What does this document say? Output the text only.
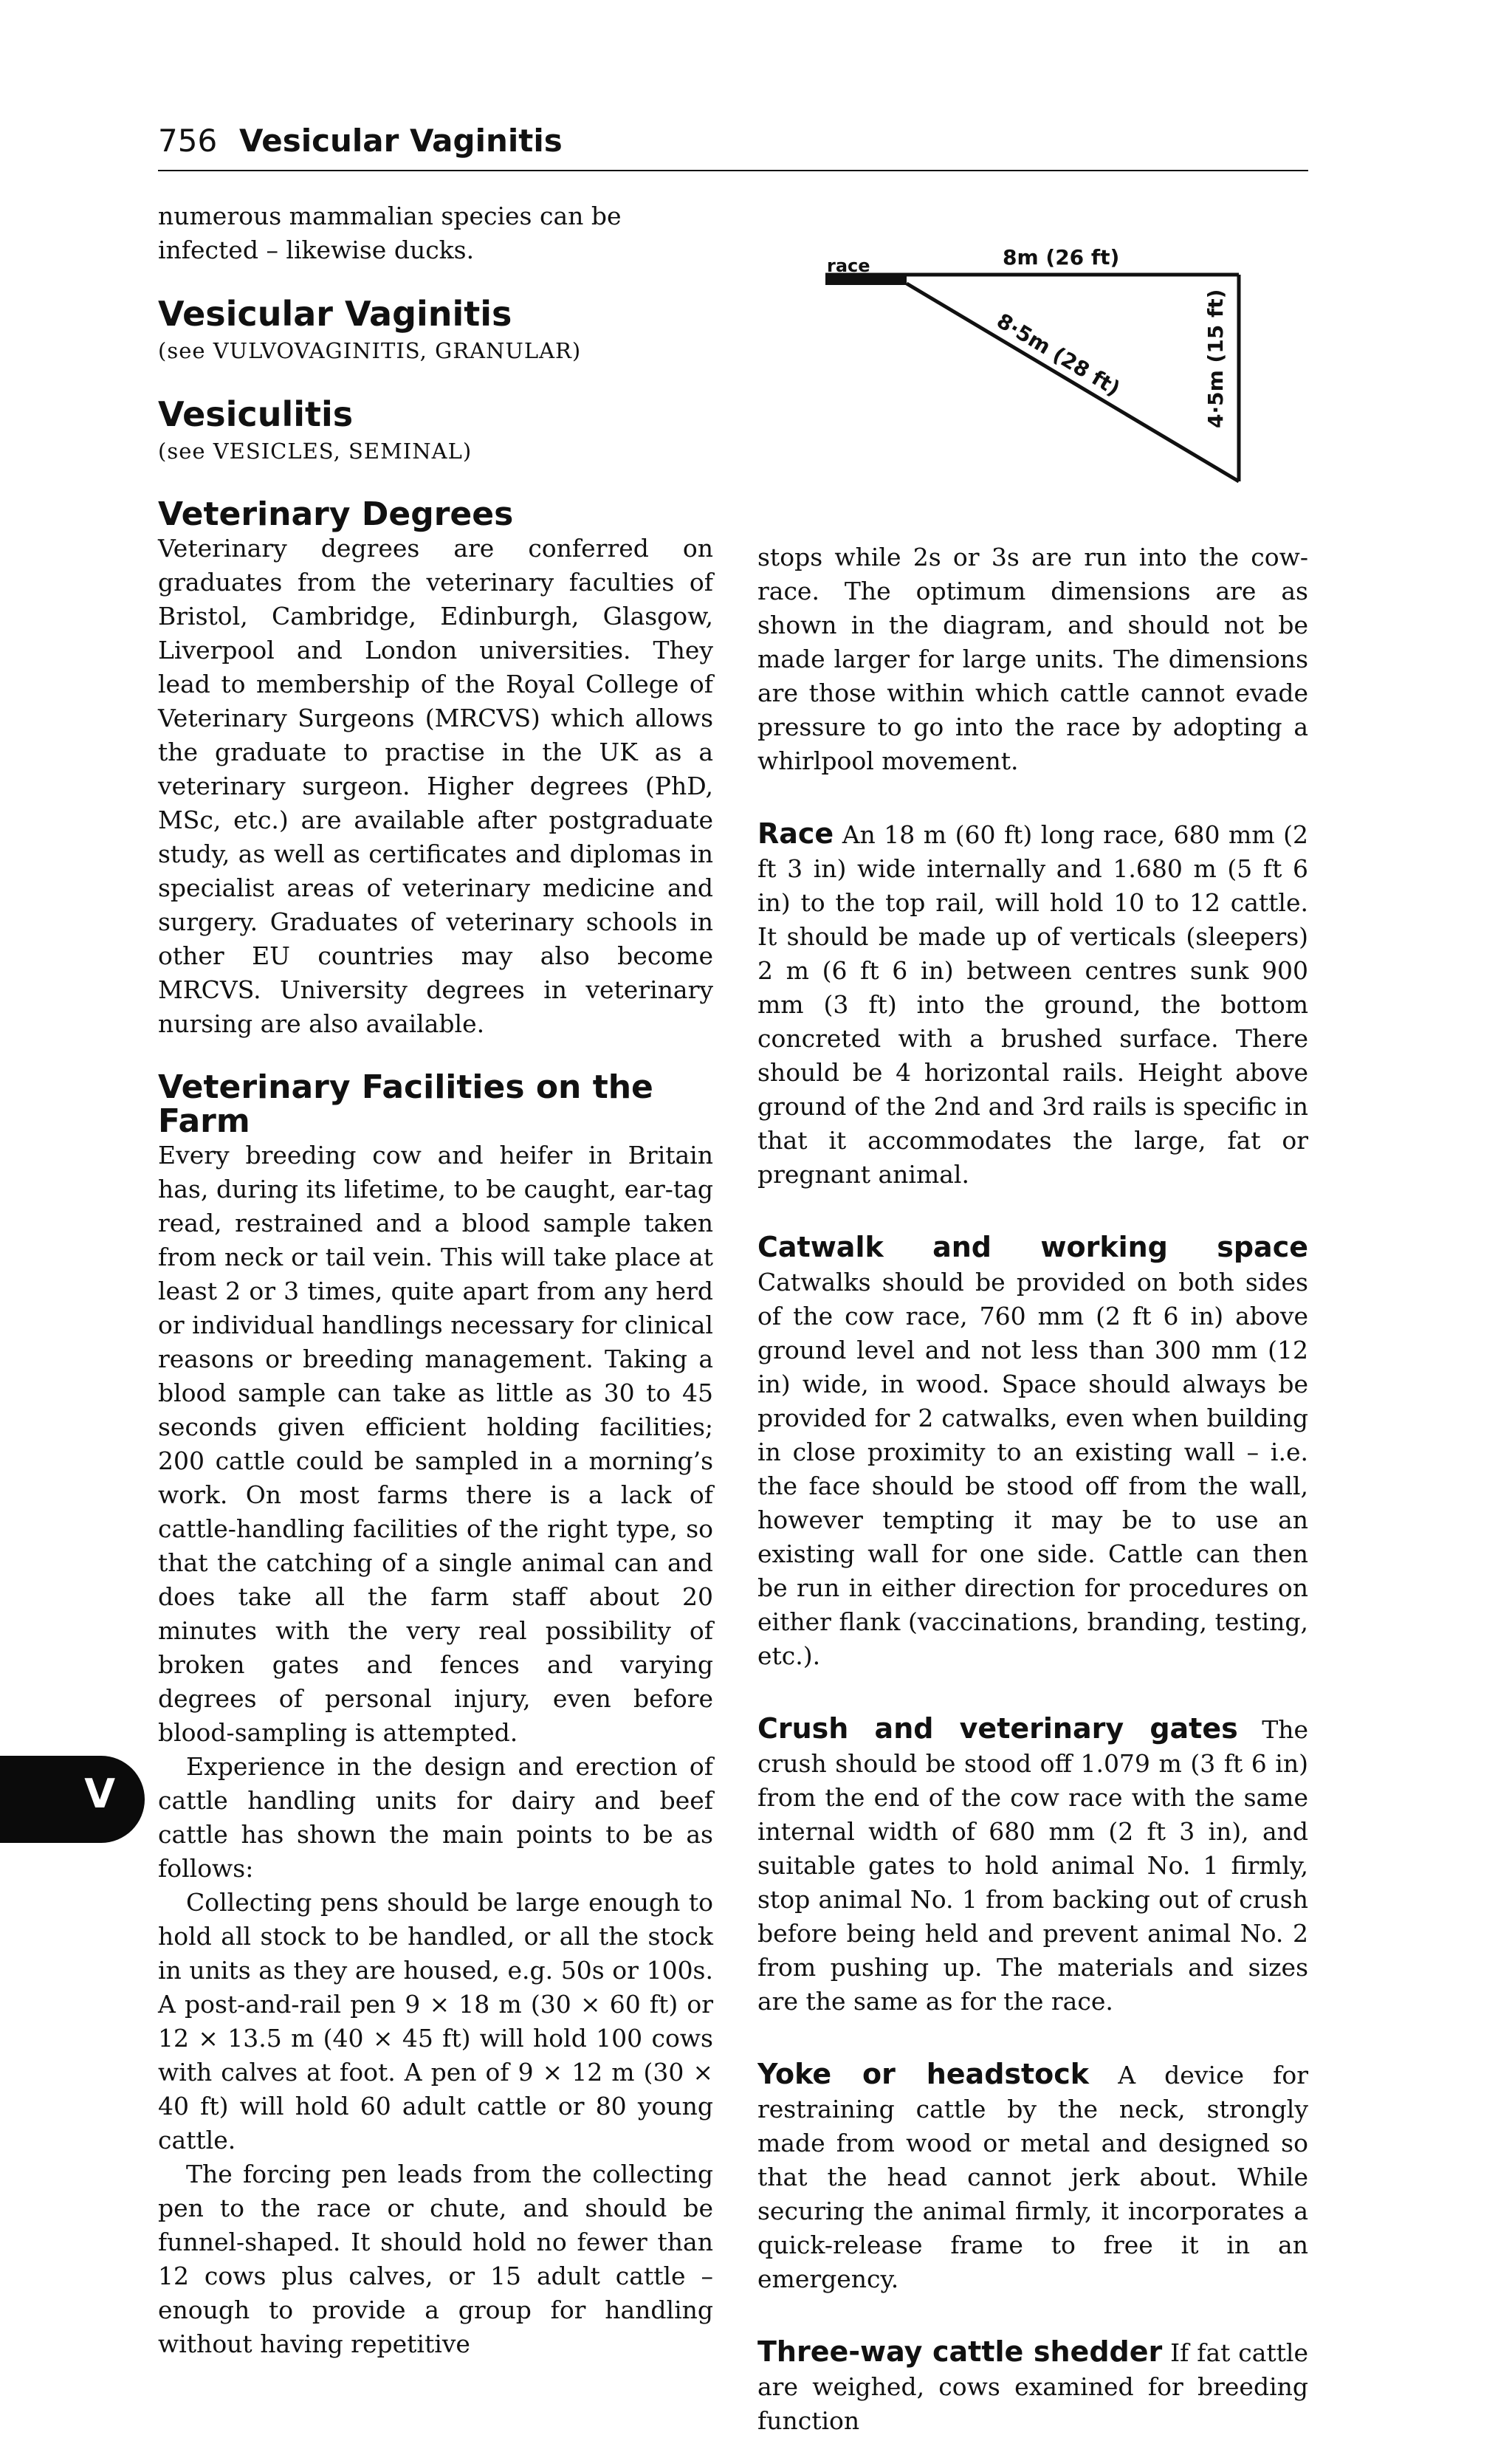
756 Vesicular Vaginitis

numerous mammalian species can be infected – likewise ducks.

Vesicular Vaginitis
(see VULVOVAGINITIS, GRANULAR)
Vesiculitis
(see VESICLES, SEMINAL)
Veterinary Degrees

Veterinary degrees are conferred on graduates from the veterinary faculties of Bristol, Cambridge, Edinburgh, Glasgow, Liverpool and London universities. They lead to membership of the Royal College of Veterinary Surgeons (MRCVS) which allows the graduate to practise in the UK as a veterinary surgeon. Higher degrees (PhD, MSc, etc.) are available after postgraduate study, as well as certificates and diplomas in specialist areas of veterinary medicine and surgery. Graduates of veterinary schools in other EU countries may also become MRCVS. University degrees in veterinary nursing are also available.

Veterinary Facilities on the Farm

Every breeding cow and heifer in Britain has, during its lifetime, to be caught, ear-tag read, restrained and a blood sample taken from neck or tail vein. This will take place at least 2 or 3 times, quite apart from any herd or individual handlings necessary for clinical reasons or breeding management. Taking a blood sample can take as little as 30 to 45 seconds given efficient holding facilities; 200 cattle could be sampled in a morning’s work. On most farms there is a lack of cattle-handling facilities of the right type, so that the catching of a single animal can and does take all the farm staff about 20 minutes with the very real possibility of broken gates and fences and varying degrees of personal injury, even before blood-sampling is attempted.

Experience in the design and erection of cattle handling units for dairy and beef cattle has shown the main points to be as follows:

Collecting pens should be large enough to hold all stock to be handled, or all the stock in units as they are housed, e.g. 50s or 100s. A post-and-rail pen 9 × 18 m (30 × 60 ft) or 12 × 13.5 m (40 × 45 ft) will hold 100 cows with calves at foot. A pen of 9 × 12 m (30 × 40 ft) will hold 60 adult cattle or 80 young cattle.

The forcing pen leads from the collecting pen to the race or chute, and should be funnel-shaped. It should hold no fewer than 12 cows plus calves, or 15 adult cattle – enough to provide a group for handling without having repetitive

race	8m (26 ft)
8·5m (28 ft)	4·5m (15 ft)

stops while 2s or 3s are run into the cow-race. The optimum dimensions are as shown in the diagram, and should not be made larger for large units. The dimensions are those within which cattle cannot evade pressure to go into the race by adopting a whirlpool movement.

Race An 18 m (60 ft) long race, 680 mm (2 ft 3 in) wide internally and 1.680 m (5 ft 6 in) to the top rail, will hold 10 to 12 cattle. It should be made up of verticals (sleepers) 2 m (6 ft 6 in) between centres sunk 900 mm (3 ft) into the ground, the bottom concreted with a brushed surface. There should be 4 horizontal rails. Height above ground of the 2nd and 3rd rails is specific in that it accommodates the large, fat or pregnant animal.

Catwalk and working space Catwalks should be provided on both sides of the cow race, 760 mm (2 ft 6 in) above ground level and not less than 300 mm (12 in) wide, in wood. Space should always be provided for 2 catwalks, even when building in close proximity to an existing wall – i.e. the face should be stood off from the wall, however tempting it may be to use an existing wall for one side. Cattle can then be run in either direction for procedures on either flank (vaccinations, branding, testing, etc.).

Crush and veterinary gates The crush should be stood off 1.079 m (3 ft 6 in) from the end of the cow race with the same internal width of 680 mm (2 ft 3 in), and suitable gates to hold animal No. 1 firmly, stop animal No. 1 from backing out of crush before being held and prevent animal No. 2 from pushing up. The materials and sizes are the same as for the race.

Yoke or headstock A device for restraining cattle by the neck, strongly made from wood or metal and designed so that the head cannot jerk about. While securing the animal firmly, it incorporates a quick-release frame to free it in an emergency.

Three-way cattle shedder If fat cattle are weighed, cows examined for breeding function

V
